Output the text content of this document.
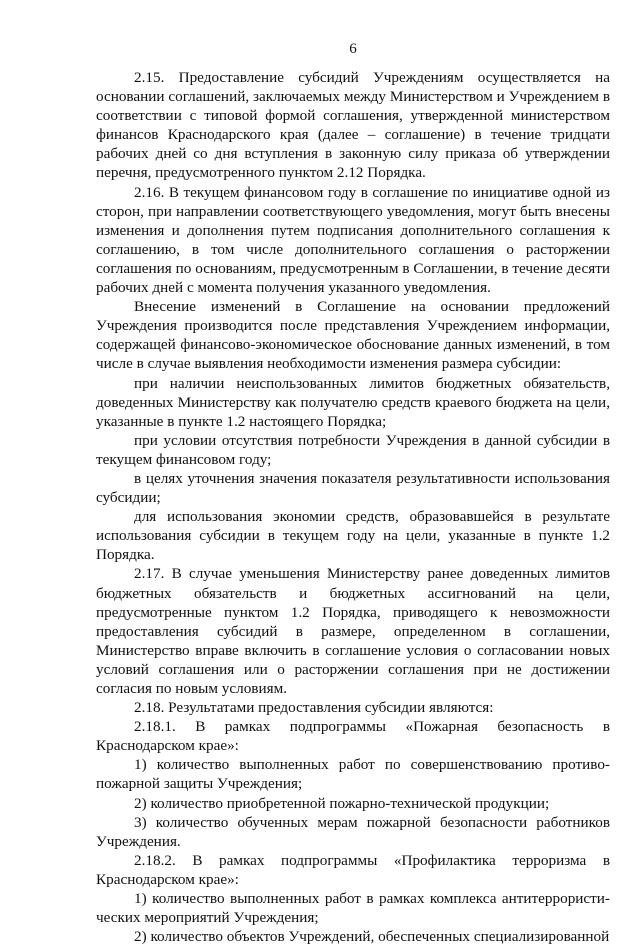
6

2.15. Предоставление субсидий Учреждениям осуществляется на основании соглашений, заключаемых между Министерством и Учреждением в соответствии с типовой формой соглашения, утвержденной министерством финансов Краснодарского края (далее – соглашение) в течение тридцати рабочих дней со дня вступления в законную силу приказа об утверждении перечня, предусмотренного пунктом 2.12 Порядка.

2.16. В текущем финансовом году в соглашение по инициативе одной из сторон, при направлении соответствующего уведомления, могут быть внесены изменения и дополнения путем подписания дополнительного соглашения к соглашению, в том числе дополнительного соглашения о расторжении соглашения по основаниям, предусмотренным в Соглашении, в течение десяти рабочих дней с момента получения указанного уведомления.

Внесение изменений в Соглашение на основании предложений Учреждения производится после представления Учреждением информации, содержащей финансово-экономическое обоснование данных изменений, в том числе в случае выявления необходимости изменения размера субсидии:

при наличии неиспользованных лимитов бюджетных обязательств, доведенных Министерству как получателю средств краевого бюджета на цели, указанные в пункте 1.2 настоящего Порядка;

при условии отсутствия потребности Учреждения в данной субсидии в текущем финансовом году;

в целях уточнения значения показателя результативности использования субсидии;

для использования экономии средств, образовавшейся в результате использования субсидии в текущем году на цели, указанные в пункте 1.2 Порядка.

2.17. В случае уменьшения Министерству ранее доведенных лимитов бюджетных обязательств и бюджетных ассигнований на цели, предусмотренные пунктом 1.2 Порядка, приводящего к невозможности предоставления субсидий в размере, определенном в соглашении, Министерство вправе включить в соглашение условия о согласовании новых условий соглашения или о расторжении соглашения при не достижении согласия по новым условиям.

2.18. Результатами предоставления субсидии являются:

2.18.1. В рамках подпрограммы «Пожарная безопасность в Краснодарском крае»:

1) количество выполненных работ по совершенствованию противо-пожарной защиты Учреждения;

2) количество приобретенной пожарно-технической продукции;

3) количество обученных мерам пожарной безопасности работников Учреждения.

2.18.2. В рамках подпрограммы «Профилактика терроризма в Краснодарском крае»:

1) количество выполненных работ в рамках комплекса антитеррористи-ческих мероприятий Учреждения;

2) количество объектов Учреждений, обеспеченных специализированной
